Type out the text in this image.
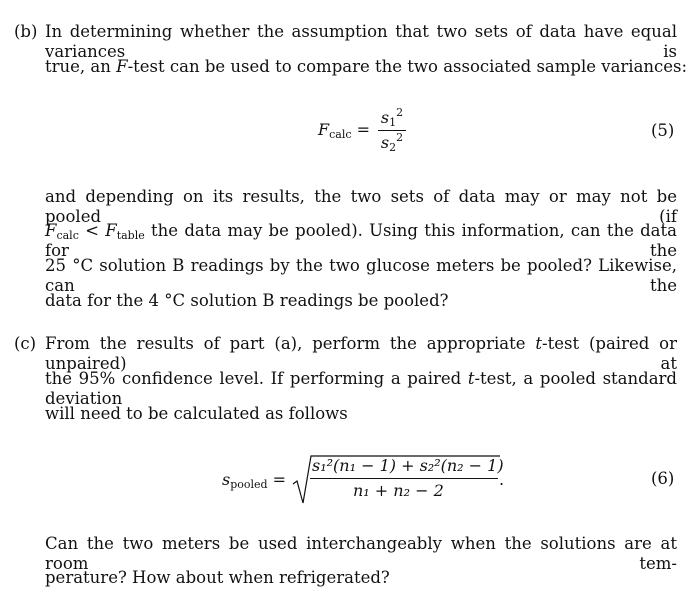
(b) In determining whether the assumption that two sets of data have equal variances is
true, an F-test can be used to compare the two associated sample variances:
$F_{calc}$ =
$s_1^2$
$s_2^2$	(5)
and depending on its results, the two sets of data may or may not be pooled (if
$F_{calc} < F_{table}$ the data may be pooled). Using this information, can the data for the
25 °C solution B readings by the two glucose meters be pooled? Likewise, can the
data for the 4 °C solution B readings be pooled?
(c) From the results of part (a), perform the appropriate t-test (paired or unpaired) at
the 95% confidence level. If performing a paired t-test, a pooled standard deviation
will need to be calculated as follows
$s_{pooled}$ =
s₁²(n₁ − 1) + s₂²(n₂ − 1)
n₁ + n₂ − 2
.	(6)
Can the two meters be used interchangeably when the solutions are at room tem-
perature? How about when refrigerated?
